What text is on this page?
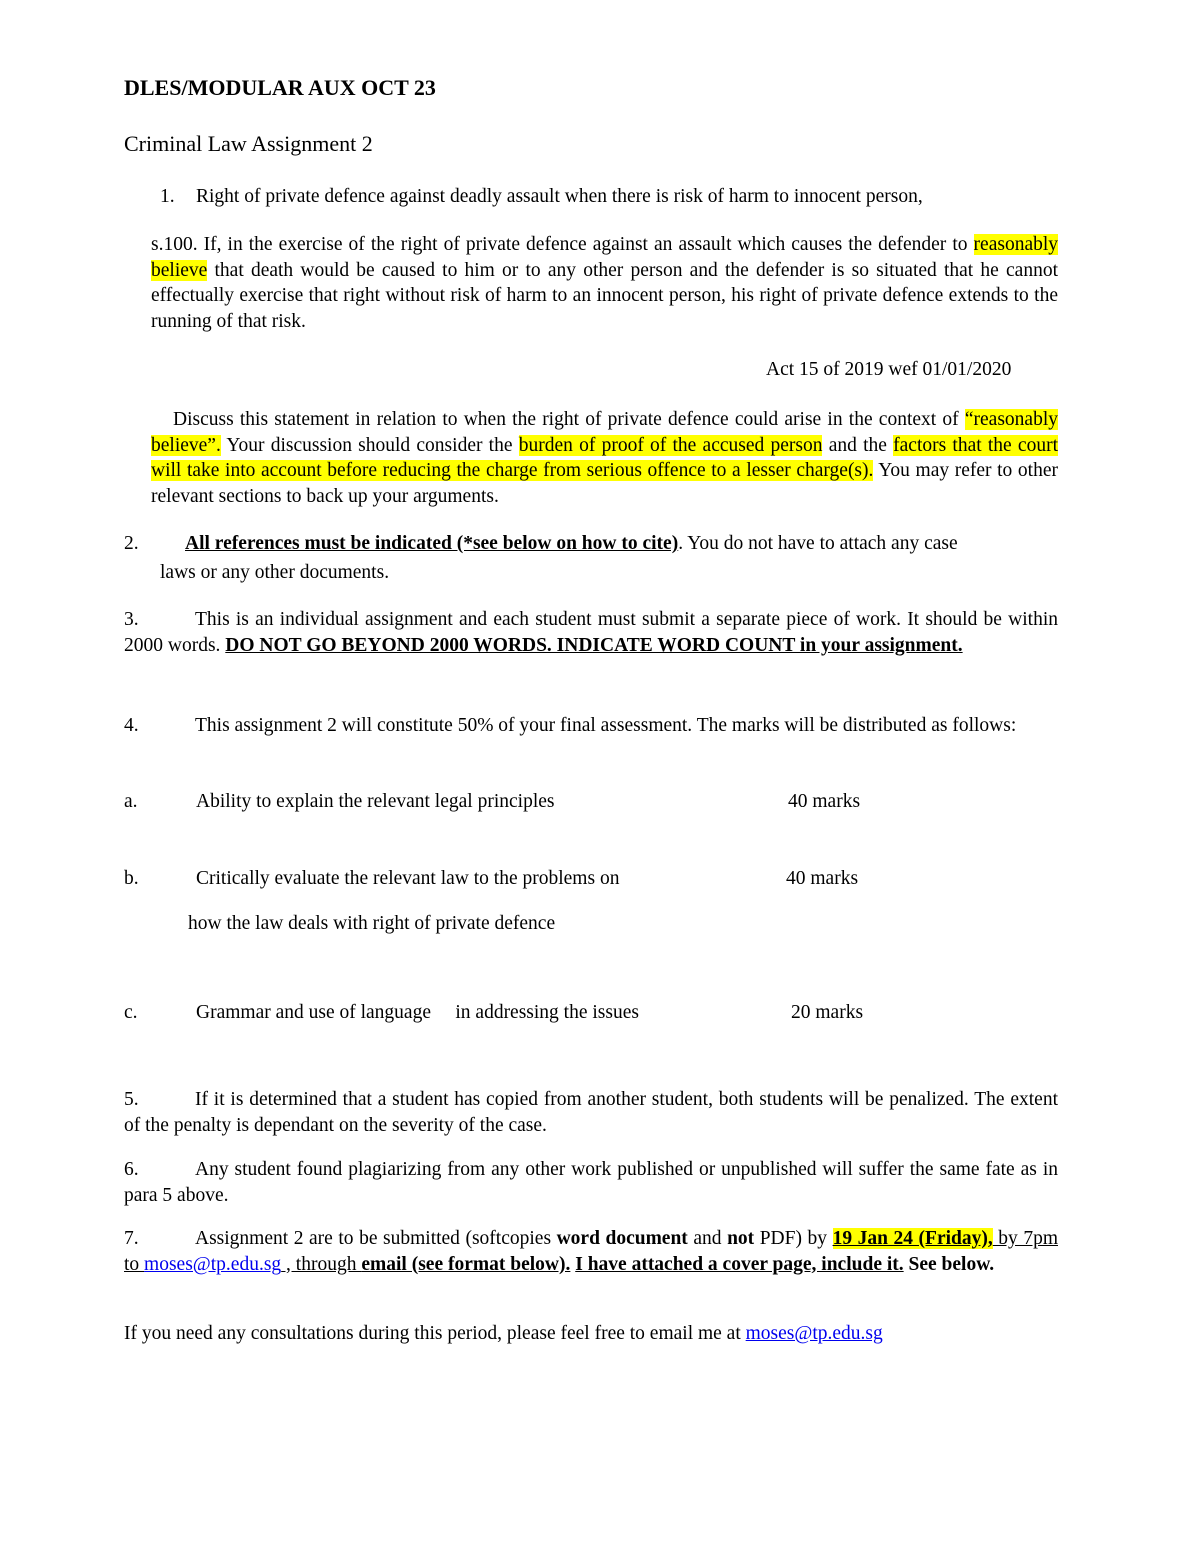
DLES/MODULAR AUX OCT 23

Criminal Law Assignment 2

1. Right of private defence against deadly assault when there is risk of harm to innocent person,

s.100. If, in the exercise of the right of private defence against an assault which causes the defender to reasonably believe that death would be caused to him or to any other person and the defender is so situated that he cannot effectually exercise that right without risk of harm to an innocent person, his right of private defence extends to the running of that risk.

Act 15 of 2019 wef 01/01/2020

Discuss this statement in relation to when the right of private defence could arise in the context of “reasonably believe”. Your discussion should consider the burden of proof of the accused person and the factors that the court will take into account before reducing the charge from serious offence to a lesser charge(s). You may refer to other relevant sections to back up your arguments.

2. All references must be indicated (*see below on how to cite). You do not have to attach any case
laws or any other documents.

3.	This is an individual assignment and each student must submit a separate piece of work. It should be within 2000 words. DO NOT GO BEYOND 2000 WORDS. INDICATE WORD COUNT in your assignment.

4.	This assignment 2 will constitute 50% of your final assessment. The marks will be distributed as follows:

a.	Ability to explain the relevant legal principles	40 marks
b.	Critically evaluate the relevant law to the problems on	40 marks
how the law deals with right of private defence
c.	Grammar and use of language     in addressing the issues	20 marks

5.	If it is determined that a student has copied from another student, both students will be penalized. The extent of the penalty is dependant on the severity of the case.

6.	Any student found plagiarizing from any other work published or unpublished will suffer the same fate as in para 5 above.

7.	Assignment 2 are to be submitted (softcopies word document and not PDF) by 19 Jan 24 (Friday), by 7pm to moses@tp.edu.sg , through email (see format below). I have attached a cover page, include it. See below.

If you need any consultations during this period, please feel free to email me at moses@tp.edu.sg
